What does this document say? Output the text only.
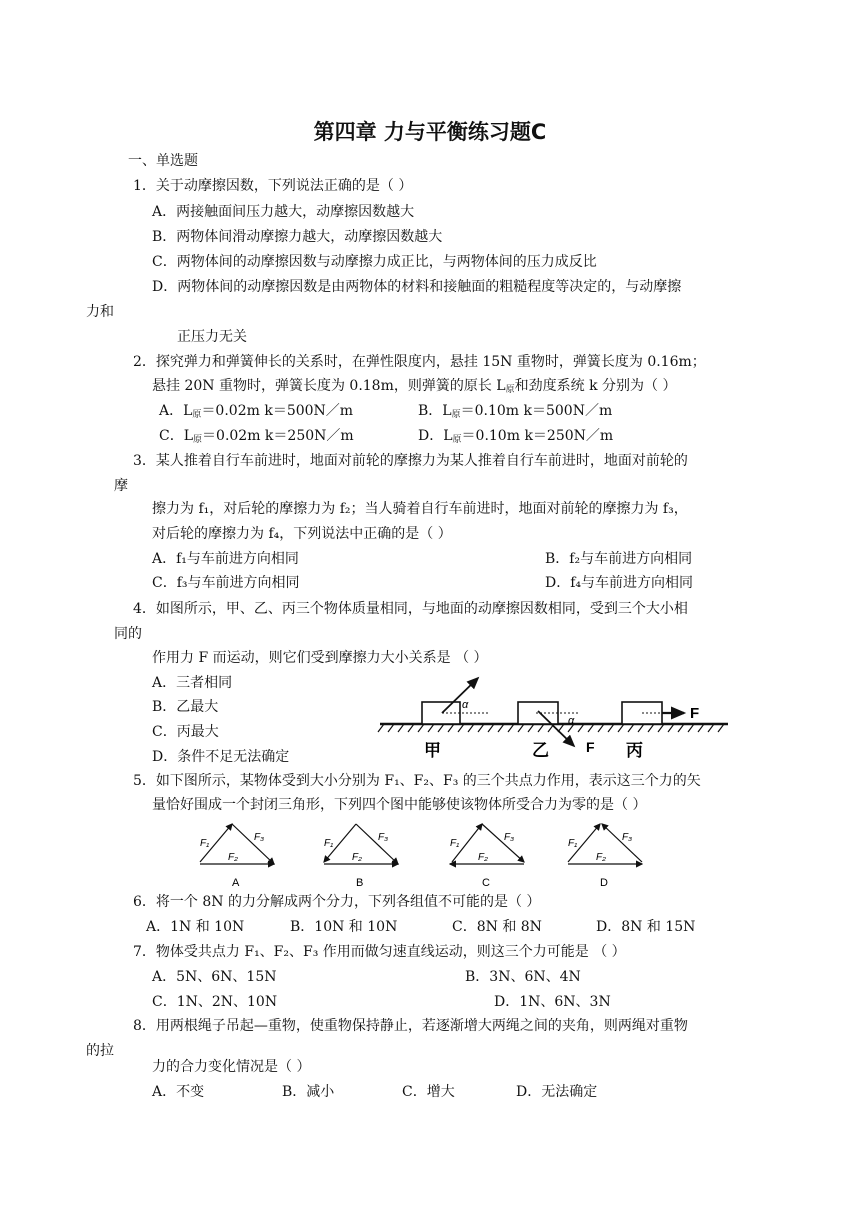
第四章 力与平衡练习题C
一、单选题
1．关于动摩擦因数，下列说法正确的是（ ）
A．两接触面间压力越大，动摩擦因数越大
B．两物体间滑动摩擦力越大，动摩擦因数越大
C．两物体间的动摩擦因数与动摩擦力成正比，与两物体间的压力成反比
D．两物体间的动摩擦因数是由两物体的材料和接触面的粗糙程度等决定的，与动摩擦
力和
正压力无关
2．探究弹力和弹簧伸长的关系时，在弹性限度内，悬挂 15N 重物时，弹簧长度为 0.16m；
悬挂 20N 重物时，弹簧长度为 0.18m，则弹簧的原长 $L_原$和劲度系统 k 分别为（ ）
A．$L_原=0.02m$ k＝500N／m	B．$L_原=0.10m$ k＝500N／m
C．$L_原=0.02m$ k＝250N／m	D．$L_原=0.10m$ k＝250N／m
3．某人推着自行车前进时，地面对前轮的摩擦力为某人推着自行车前进时，地面对前轮的
摩
擦力为 f₁，对后轮的摩擦力为 f₂；当人骑着自行车前进时，地面对前轮的摩擦力为 f₃，
对后轮的摩擦力为 f₄，下列说法中正确的是（ ）
A．f₁与车前进方向相同	B．f₂与车前进方向相同
C．f₃与车前进方向相同	D．f₄与车前进方向相同
4．如图所示，甲、乙、丙三个物体质量相同，与地面的动摩擦因数相同，受到三个大小相
同的
作用力 F 而运动，则它们受到摩擦力大小关系是 （ ）
A．三者相同
B．乙最大
C．丙最大
D．条件不足无法确定
α
甲
α
F
乙
F
丙
5．如下图所示，某物体受到大小分别为 F₁、F₂、F₃ 的三个共点力作用，表示这三个力的矢
量恰好围成一个封闭三角形，下列四个图中能够使该物体所受合力为零的是（ ）
F₁
F₃
F₂
A
F₁
F₃
F₂
B
F₁
F₃
F₂
C
F₁
F₃
F₂
D
6．将一个 8N 的力分解成两个分力，下列各组值不可能的是（ ）
A．1N 和 10N	B．10N 和 10N	C．8N 和 8N	D．8N 和 15N
7．物体受共点力 F₁、F₂、F₃ 作用而做匀速直线运动，则这三个力可能是 （ ）
A．5N、6N、15N	B．3N、6N、4N
C．1N、2N、10N	D．1N、6N、3N
8．用两根绳子吊起—重物，使重物保持静止，若逐渐增大两绳之间的夹角，则两绳对重物
的拉
力的合力变化情况是（ ）
A．不变	B．减小	C．增大	D．无法确定
